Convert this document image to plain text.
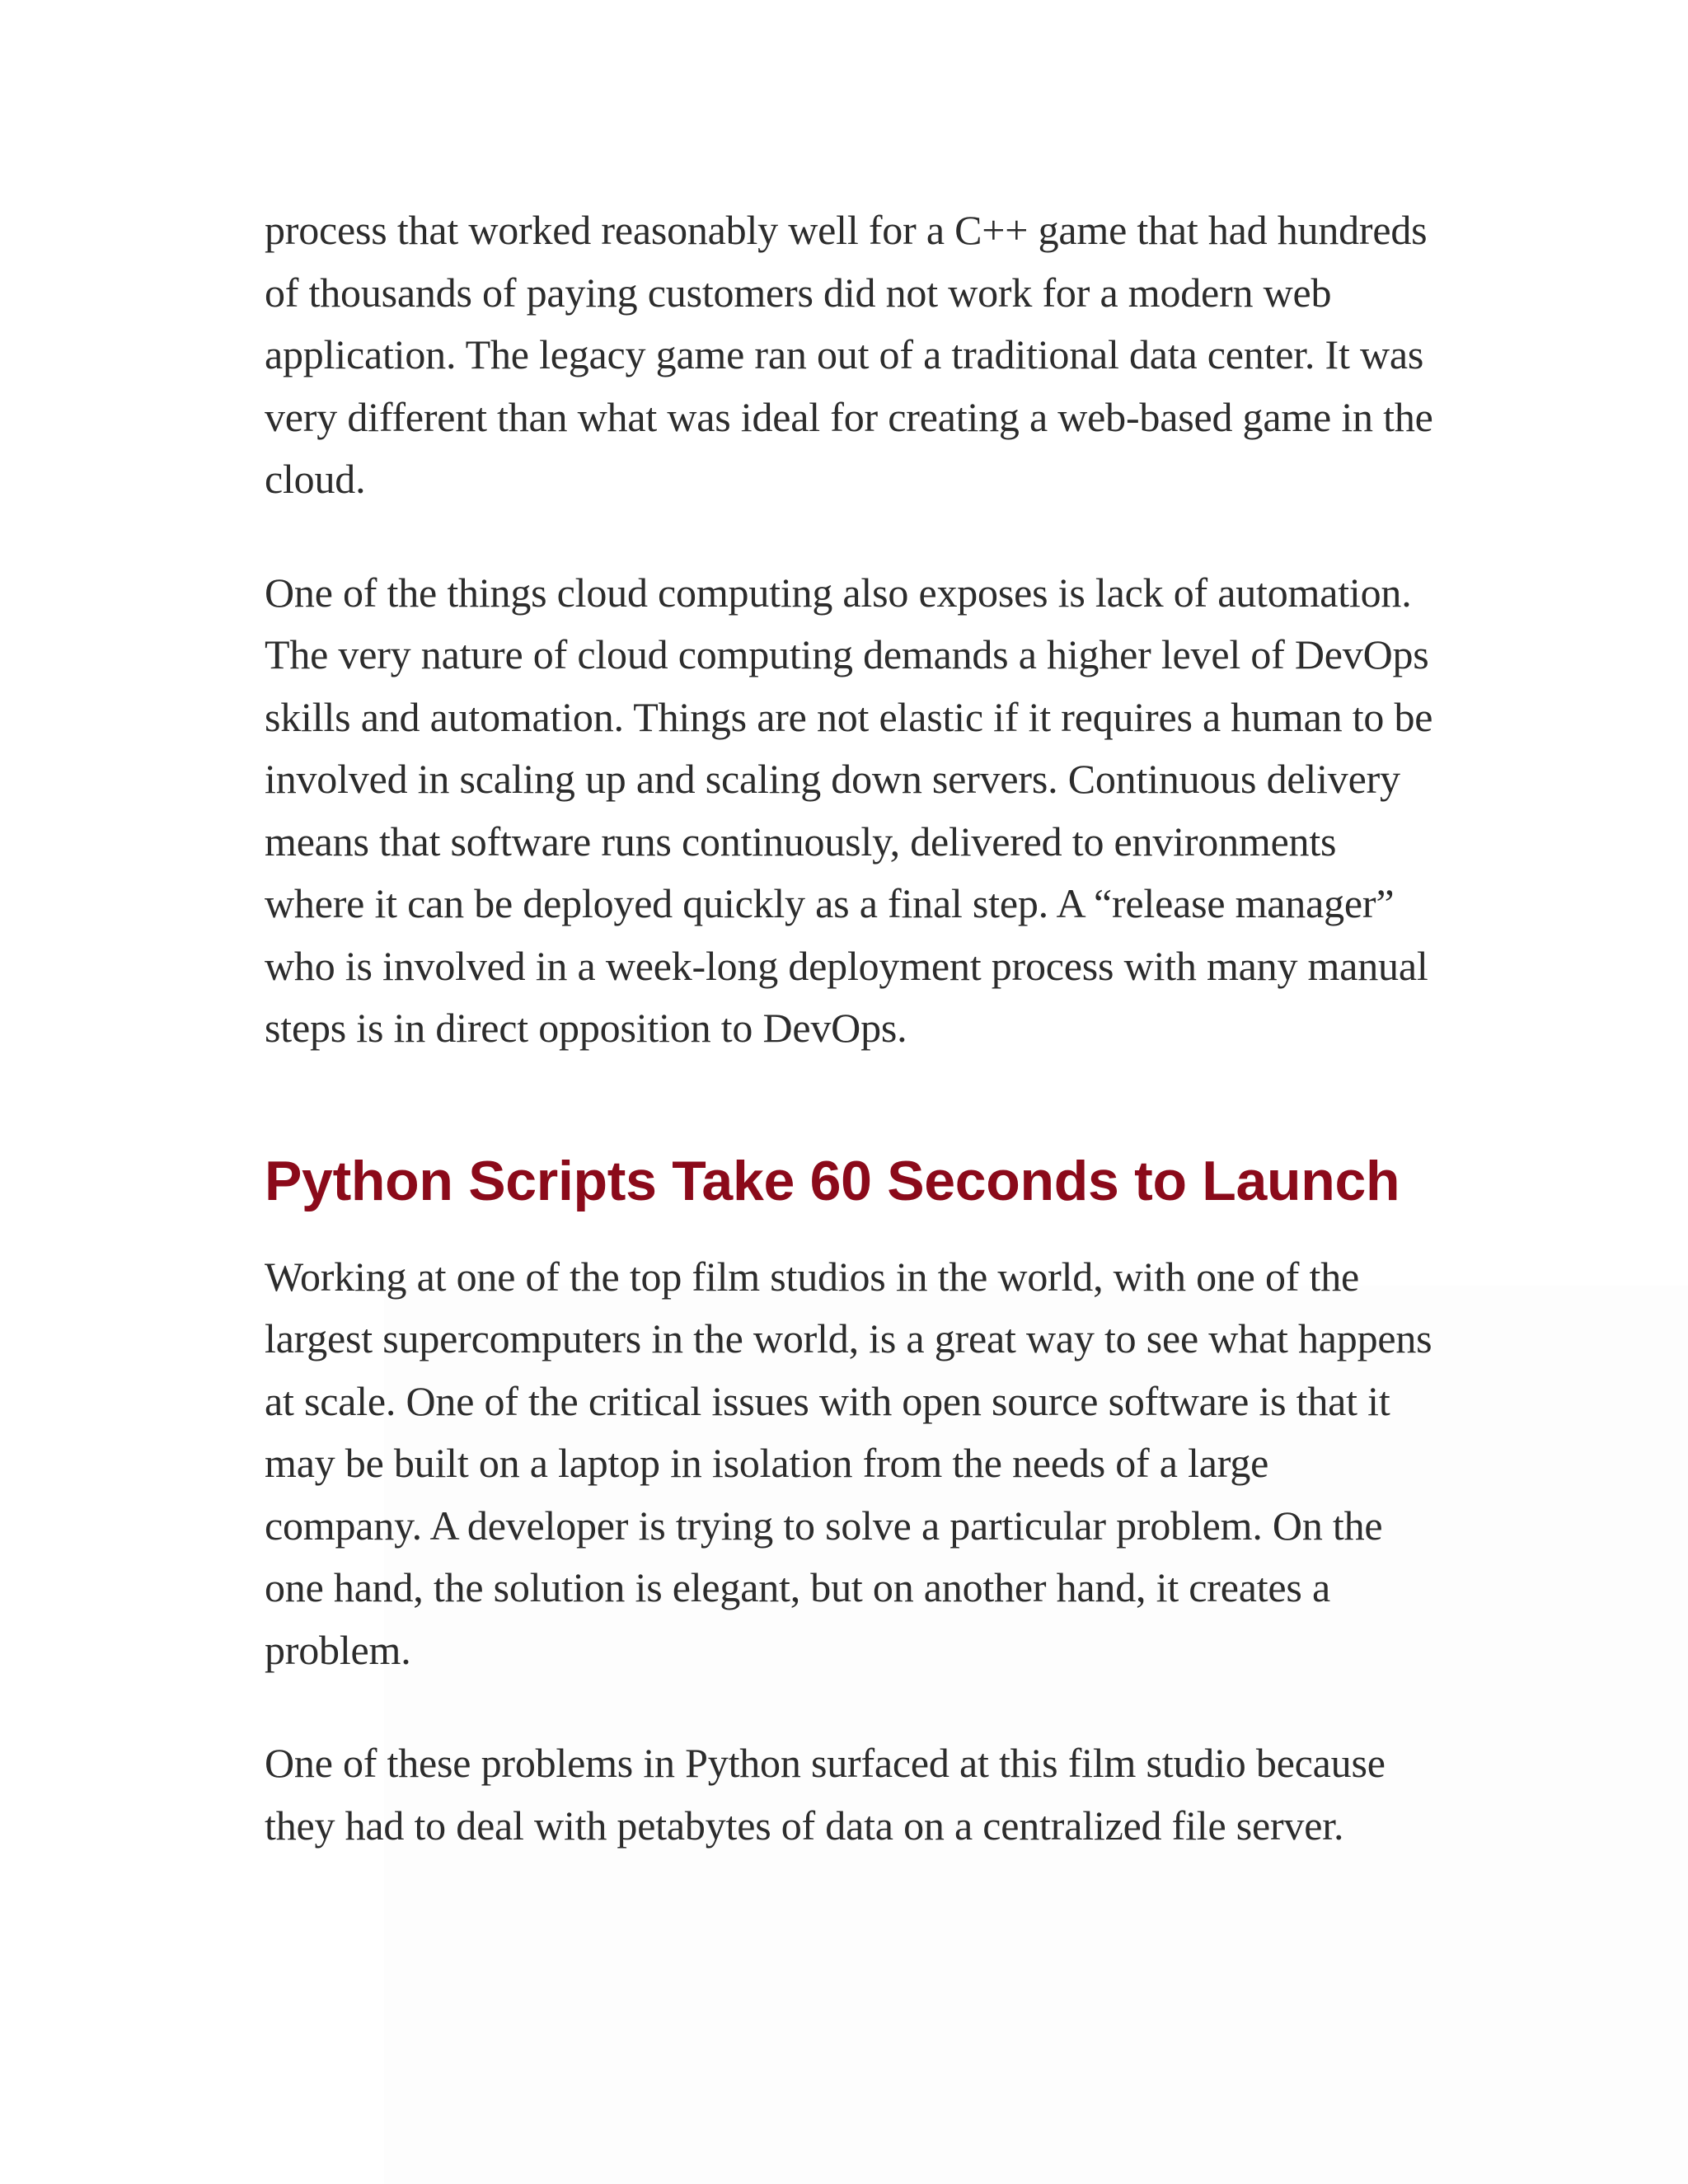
process that worked reasonably well for a C++ game that had hundreds of thousands of paying customers did not work for a modern web application. The legacy game ran out of a traditional data center. It was very different than what was ideal for creating a web-based game in the cloud.

One of the things cloud computing also exposes is lack of automation. The very nature of cloud computing demands a higher level of DevOps skills and automation. Things are not elastic if it requires a human to be involved in scaling up and scaling down servers. Continuous delivery means that software runs continuously, delivered to environments where it can be deployed quickly as a final step. A “release manager” who is involved in a week-long deployment process with many manual steps is in direct opposition to DevOps.

Python Scripts Take 60 Seconds to Launch

Working at one of the top film studios in the world, with one of the largest supercomputers in the world, is a great way to see what happens at scale. One of the critical issues with open source software is that it may be built on a laptop in isolation from the needs of a large company. A developer is trying to solve a particular problem. On the one hand, the solution is elegant, but on another hand, it creates a problem.

One of these problems in Python surfaced at this film studio because they had to deal with petabytes of data on a centralized file server.
